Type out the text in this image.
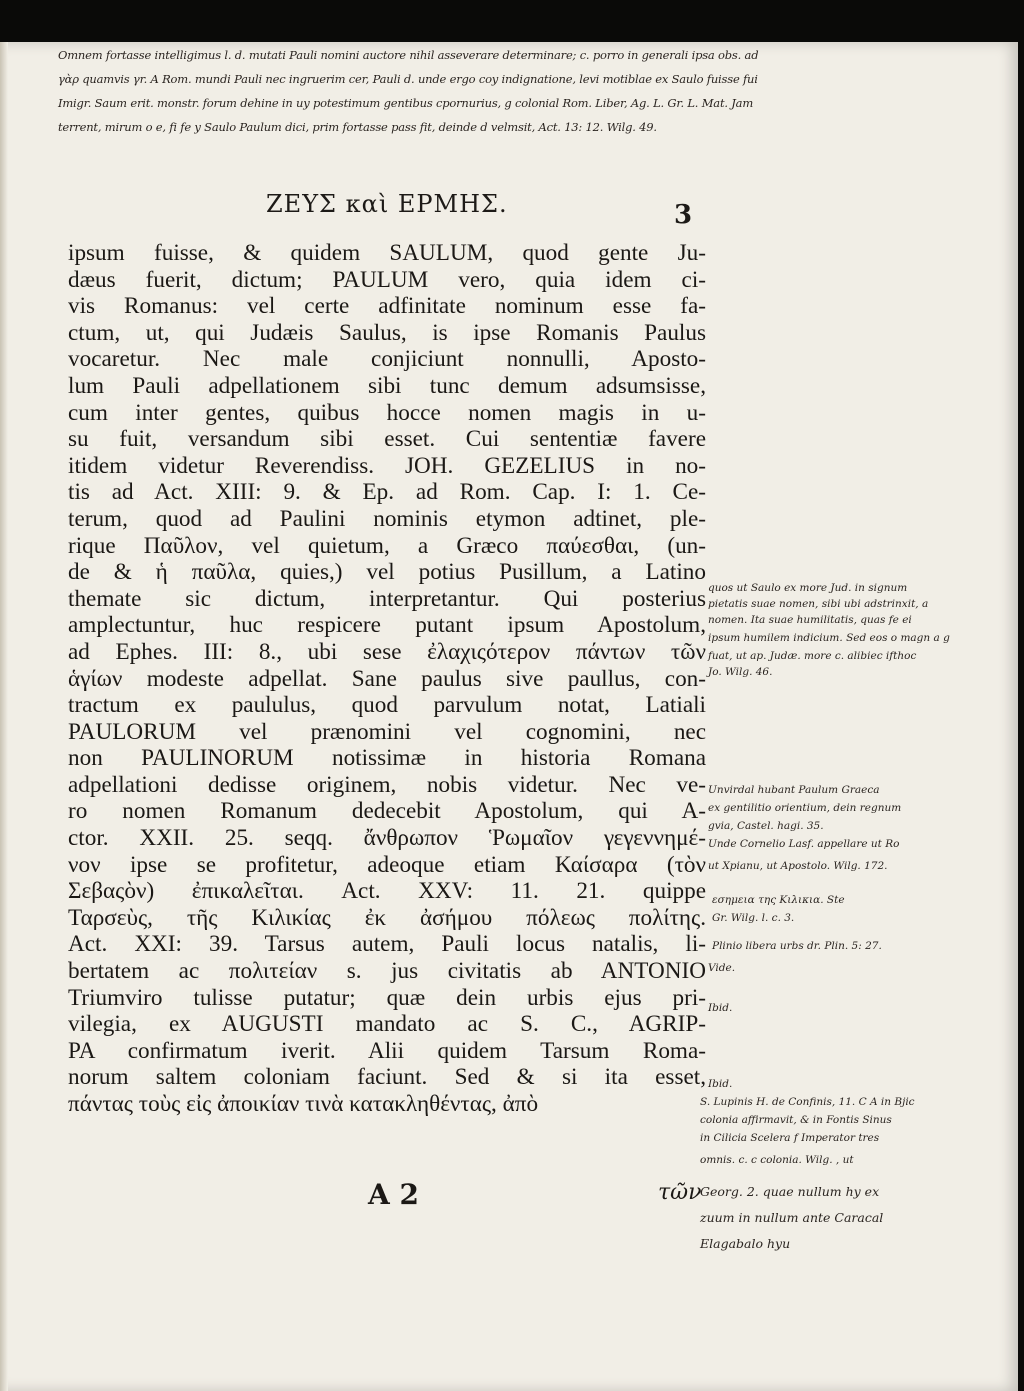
Omnem fortasse intelligimus l. d. mutati Pauli nomini auctore nihil asseverare determinare; c. porro in generali ipsa obs. ad
γὰρ quamvis γr. A Rom. mundi Pauli nec ingruerim cer, Pauli d. unde ergo coy indignatione, levi motiblae ex Saulo fuisse fui
Imigr. Saum erit. monstr. forum dehine in uy potestimum gentibus cpornurius, g colonial Rom. Liber, Ag. L. Gr. L. Mat. Jam
terrent, mirum o e, fi fe y Saulo Paulum dici, prim fortasse pass fit, deinde d velmsit, Act. 13: 12. Wilg. 49.
ΖΕΥΣ καὶ ΕΡΜΗΣ.	3
ipsum fuisse, & quidem SAULUM, quod gente Ju-
dæus fuerit, dictum; PAULUM vero, quia idem ci-
vis Romanus: vel certe adfinitate nominum esse fa-
ctum, ut, qui Judæis Saulus, is ipse Romanis Paulus
vocaretur. Nec male conjiciunt nonnulli, Aposto-
lum Pauli adpellationem sibi tunc demum adsumsisse,
cum inter gentes, quibus hocce nomen magis in u-
su fuit, versandum sibi esset. Cui sententiæ favere
itidem videtur Reverendiss. JOH. GEZELIUS in no-
tis ad Act. XIII: 9. & Ep. ad Rom. Cap. I: 1. Ce-
terum, quod ad Paulini nominis etymon adtinet, ple-
rique Παῦλον, vel quietum, a Græco παύεσθαι, (un-
de & ἡ παῦλα, quies,) vel potius Pusillum, a Latino
themate sic dictum, interpretantur. Qui posterius
amplectuntur, huc respicere putant ipsum Apostolum,
ad Ephes. III: 8., ubi sese ἐλαχιςότερον πάντων τῶν
ἁγίων modeste adpellat. Sane paulus sive paullus, con-
tractum ex paululus, quod parvulum notat, Latiali
PAULORUM vel prænomini vel cognomini, nec
non PAULINORUM notissimæ in historia Romana
adpellationi dedisse originem, nobis videtur. Nec ve-
ro nomen Romanum dedecebit Apostolum, qui A-
ctor. XXII. 25. seqq. ἄνθρωπον Ῥωμαῖον γεγεννημέ-
νον ipse se profitetur, adeoque etiam Καίσαρα (τὸν
Σεβαςὸν) ἐπικαλεῖται. Act. XXV: 11. 21. quippe
Ταρσεὺς, τῆς Κιλικίας ἐκ ἀσήμου πόλεως πολίτης.
Act. XXI: 39. Tarsus autem, Pauli locus natalis, li-
bertatem ac πολιτείαν s. jus civitatis ab ANTONIO
Triumviro tulisse putatur; quæ dein urbis ejus pri-
vilegia, ex AUGUSTI mandato ac S. C., AGRIP-
PA confirmatum iverit. Alii quidem Tarsum Roma-
norum saltem coloniam faciunt. Sed & si ita esset,
πάντας τοὺς εἰς ἀποικίαν τινὰ κατακληθέντας, ἀπὸ
A 2	τῶν
quos ut Saulo ex more Jud. in signum
pietatis suae nomen, sibi ubi adstrinxit, a
nomen. Ita suae humilitatis, quas fe ei
ipsum humilem indicium. Sed eos o magn a g
fuat, ut ap. Judæ. more c. alibiec ifthoc
Jo. Wilg. 46.
Unvirdal hubant Paulum Graeca
ex gentilitio orientium, dein regnum
gvia, Castel. hagi. 35.
Unde Cornelio Lasf. appellare ut Ro
ut Xpianu, ut Apostolo. Wilg. 172.
εσημεια της Κιλικια. Ste
Gr. Wilg. l. c. 3.
Plinio libera urbs dr. Plin. 5: 27.
Vide.
Ibid.
Ibid.
S. Lupinis H. de Confinis, 11. C A in Bjic
colonia affirmavit, & in Fontis Sinus
in Cilicia Scelera f Imperator tres
omnis. c. c colonia. Wilg. , ut
Georg. 2. quae nullum hy ex
zuum in nullum ante Caracal
Elagabalo hyu
